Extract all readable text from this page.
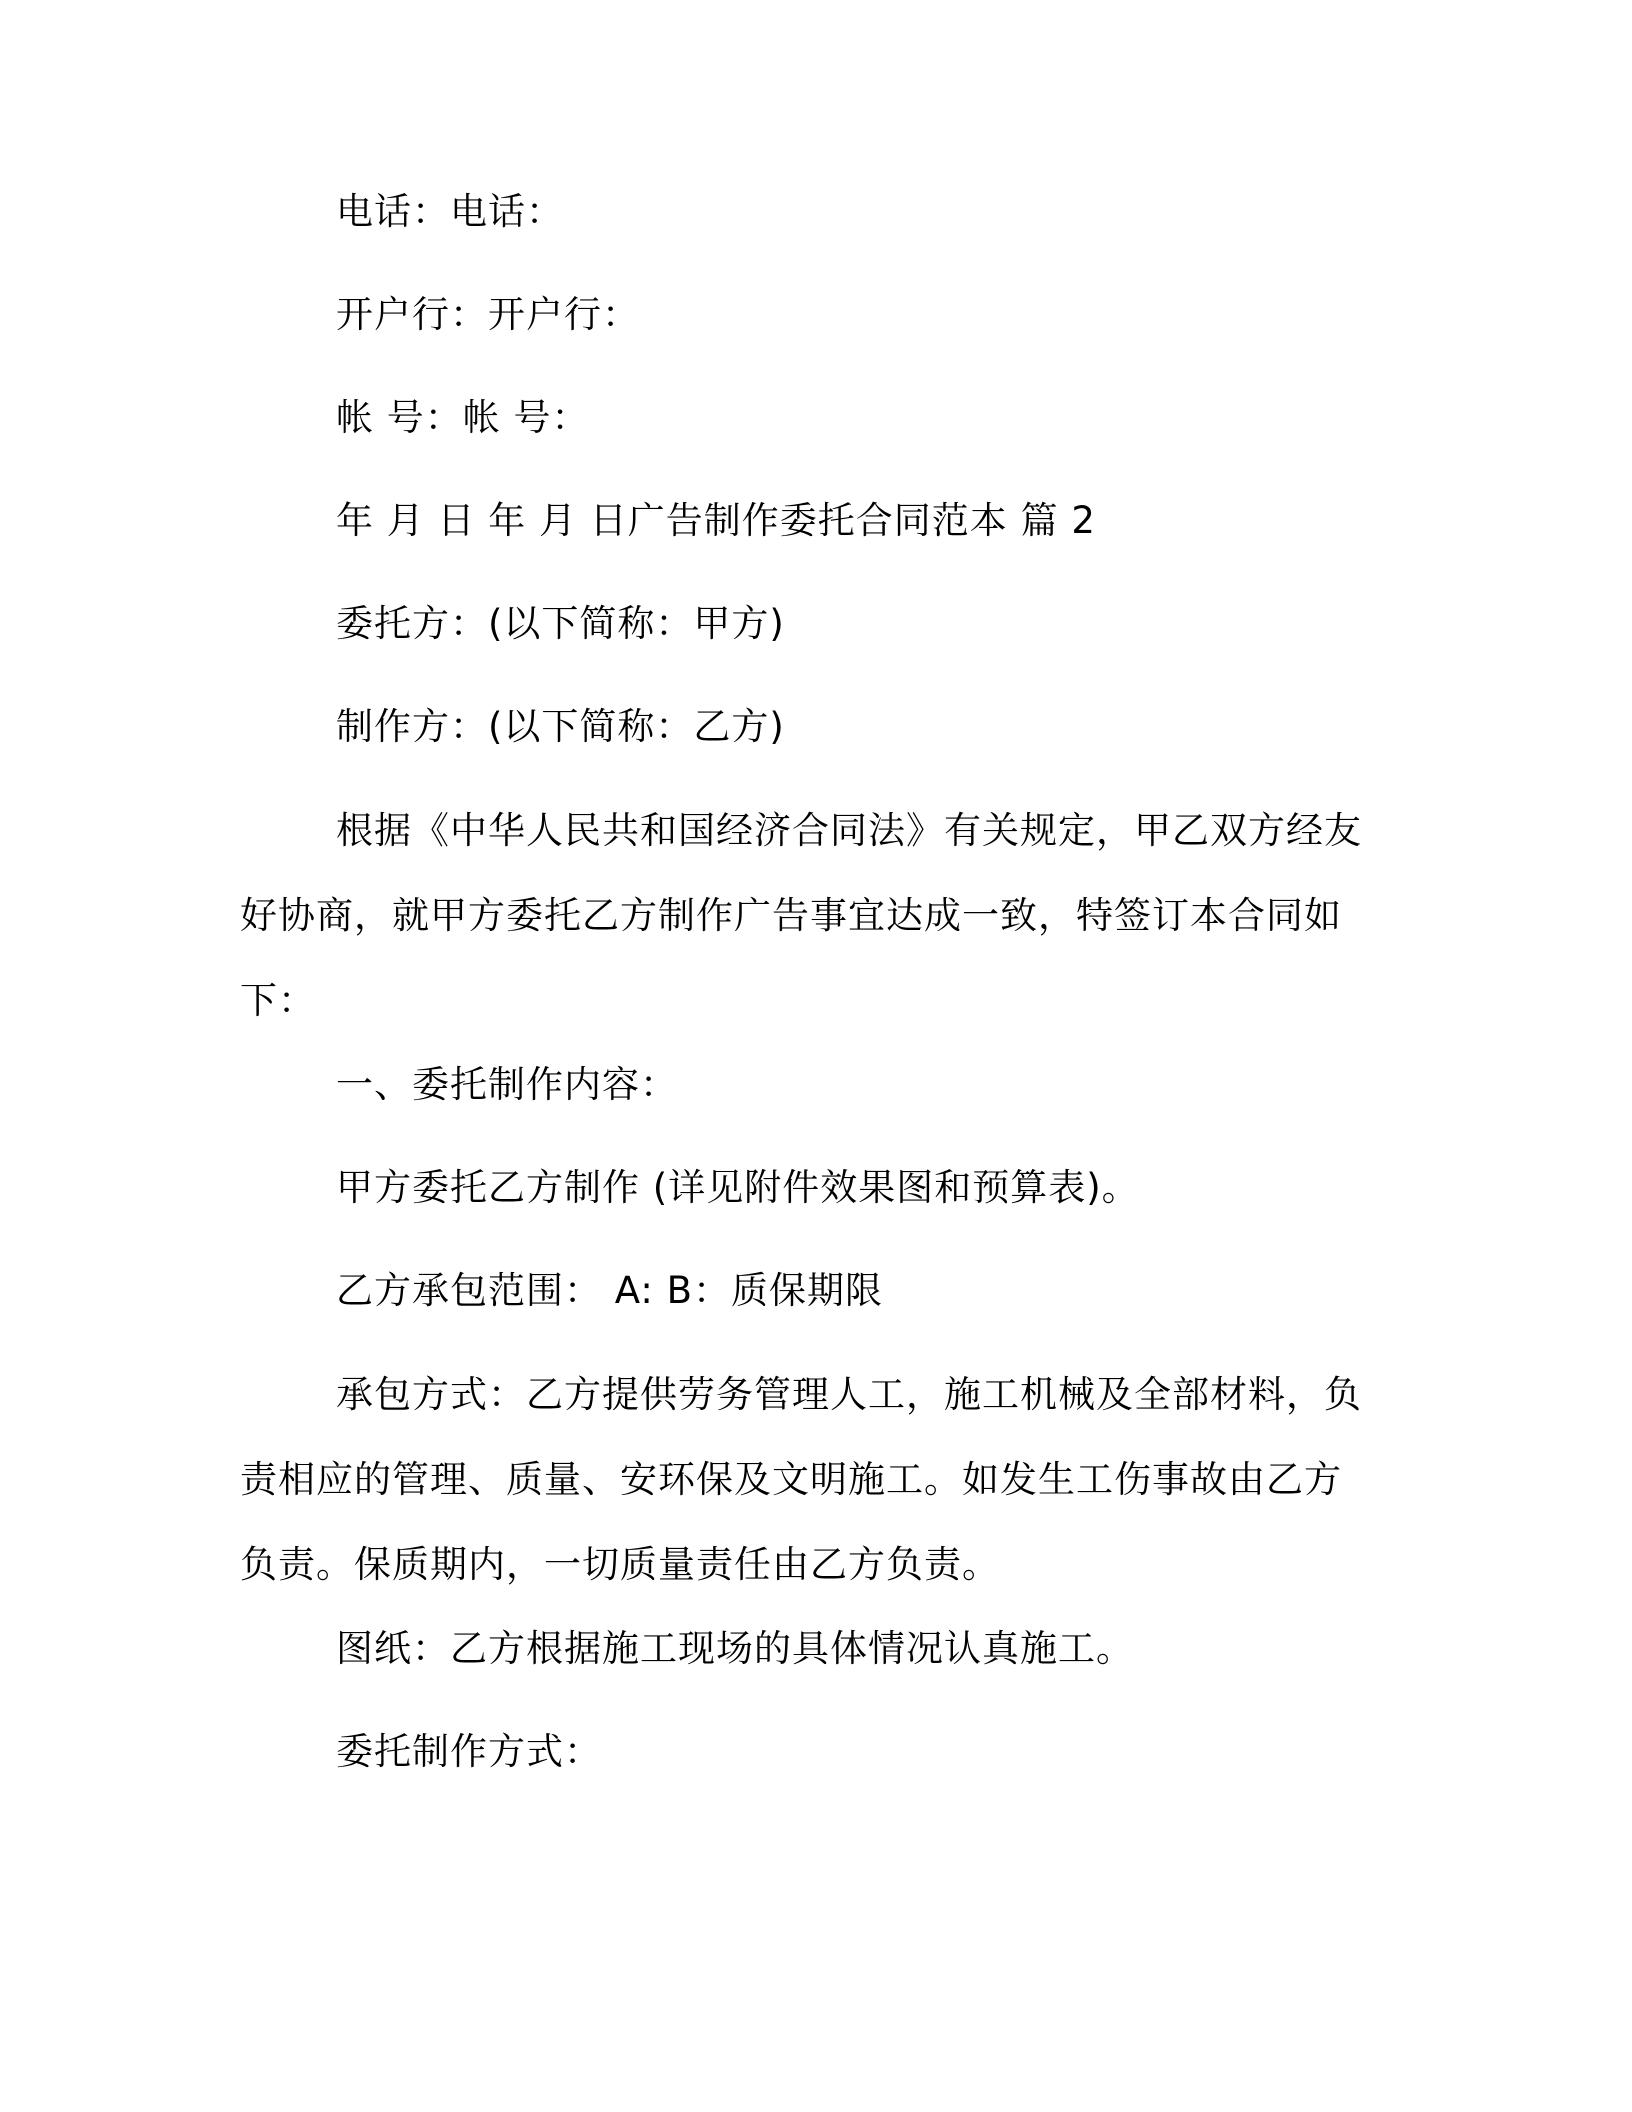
电话：电话：

开户行：开户行：

帐 号：帐 号：

年 月 日 年 月 日广告制作委托合同范本 篇 2

委托方：(以下简称：甲方)

制作方：(以下简称：乙方)

根据《中华人民共和国经济合同法》有关规定，甲乙双方经友好协商，就甲方委托乙方制作广告事宜达成一致，特签订本合同如下：

一、委托制作内容：

甲方委托乙方制作 (详见附件效果图和预算表)。

乙方承包范围： A: B：质保期限

承包方式：乙方提供劳务管理人工，施工机械及全部材料，负责相应的管理、质量、安环保及文明施工。如发生工伤事故由乙方负责。保质期内，一切质量责任由乙方负责。

图纸：乙方根据施工现场的具体情况认真施工。

委托制作方式：
